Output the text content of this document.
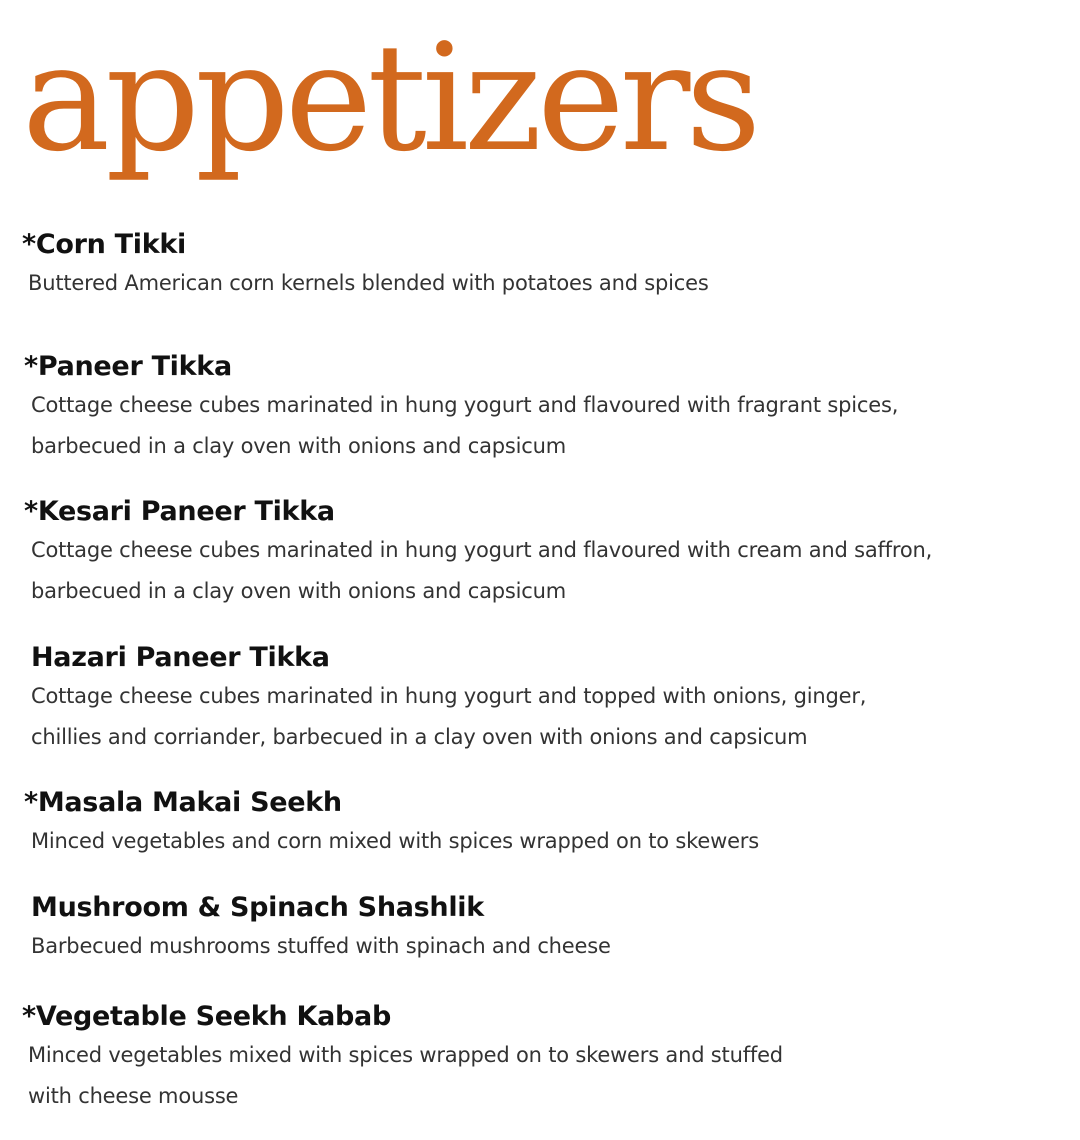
appetizers
*Corn Tikki
Buttered American corn kernels blended with potatoes and spices
*Paneer Tikka
Cottage cheese cubes marinated in hung yogurt and flavoured with fragrant spices,
barbecued in a clay oven with onions and capsicum
*Kesari Paneer Tikka
Cottage cheese cubes marinated in hung yogurt and flavoured with cream and saffron,
barbecued in a clay oven with onions and capsicum
Hazari Paneer Tikka
Cottage cheese cubes marinated in hung yogurt and topped with onions, ginger,
chillies and corriander, barbecued in a clay oven with onions and capsicum
*Masala Makai Seekh
Minced vegetables and corn mixed with spices wrapped on to skewers
Mushroom & Spinach Shashlik
Barbecued mushrooms stuffed with spinach and cheese
*Vegetable Seekh Kabab
Minced vegetables mixed with spices wrapped on to skewers and stuffed
with cheese mousse
